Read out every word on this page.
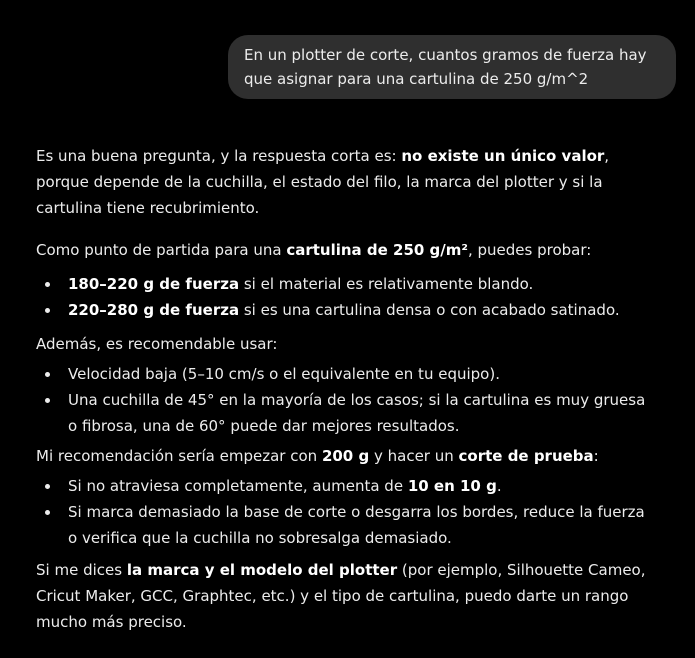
En un plotter de corte, cuantos gramos de fuerza hay que asignar para una cartulina de 250 g/m^2

Es una buena pregunta, y la respuesta corta es: no existe un único valor, porque depende de la cuchilla, el estado del filo, la marca del plotter y si la cartulina tiene recubrimiento.

Como punto de partida para una cartulina de 250 g/m², puedes probar:

180–220 g de fuerza si el material es relativamente blando.
220–280 g de fuerza si es una cartulina densa o con acabado satinado.

Además, es recomendable usar:

Velocidad baja (5–10 cm/s o el equivalente en tu equipo).
Una cuchilla de 45° en la mayoría de los casos; si la cartulina es muy gruesa o fibrosa, una de 60° puede dar mejores resultados.

Mi recomendación sería empezar con 200 g y hacer un corte de prueba:

Si no atraviesa completamente, aumenta de 10 en 10 g.
Si marca demasiado la base de corte o desgarra los bordes, reduce la fuerza o verifica que la cuchilla no sobresalga demasiado.

Si me dices la marca y el modelo del plotter (por ejemplo, Silhouette Cameo, Cricut Maker, GCC, Graphtec, etc.) y el tipo de cartulina, puedo darte un rango mucho más preciso.
